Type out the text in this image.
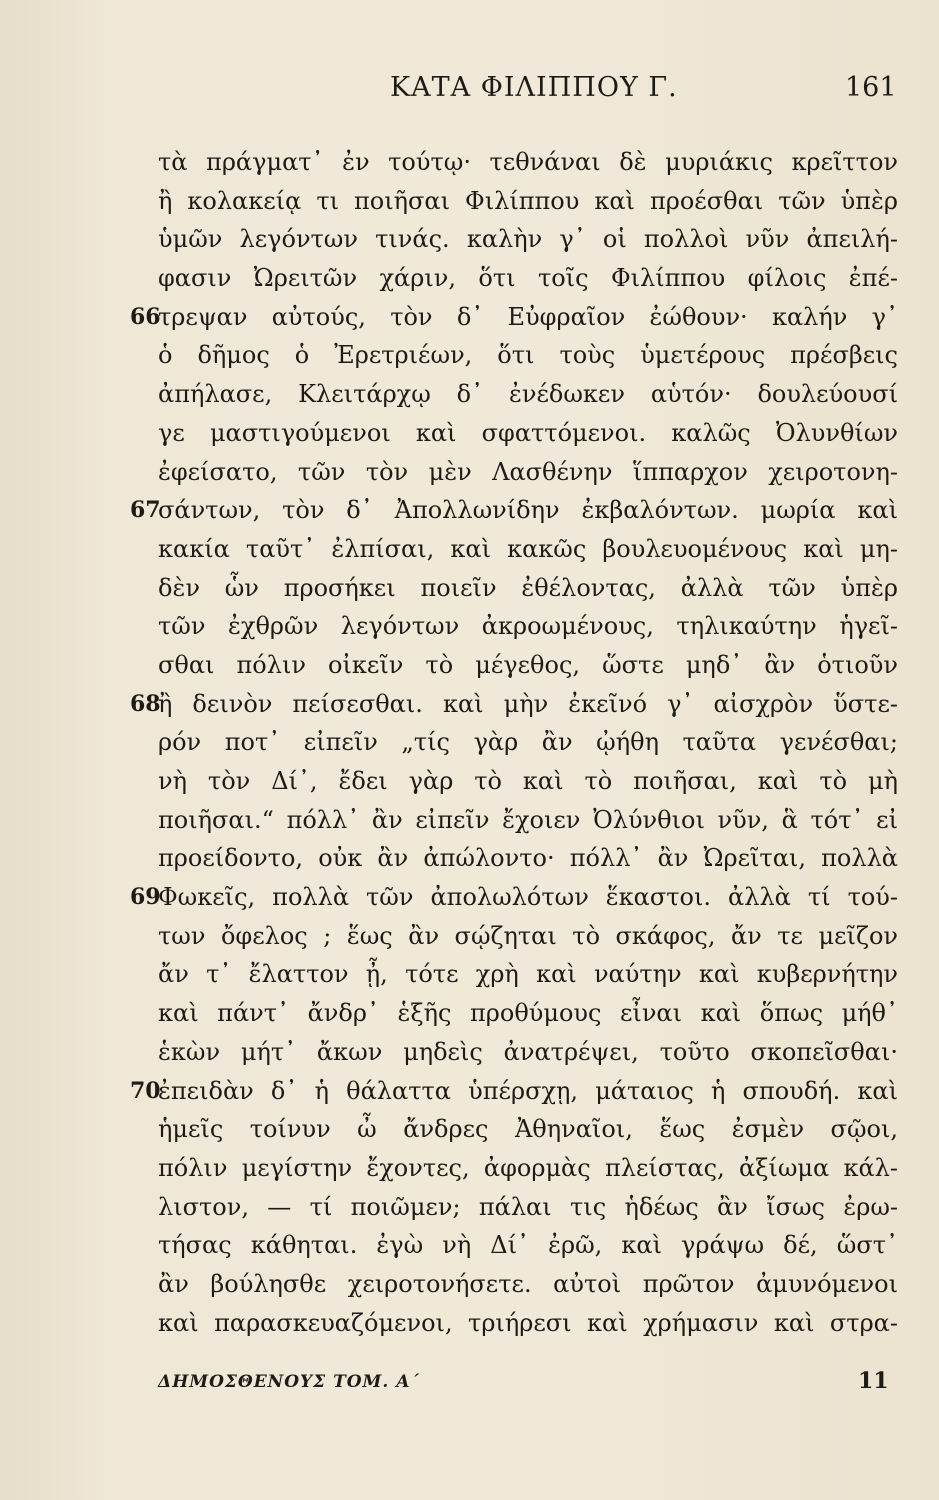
ΚΑΤΑ ΦΙΛΙΠΠΟΥ Γ.	161
τὰ πράγματ᾽ ἐν τούτῳ· τεθνάναι δὲ μυριάκις κρεῖττον
ἢ κολακείᾳ τι ποιῆσαι Φιλίππου καὶ προέσθαι τῶν ὑπὲρ
ὑμῶν λεγόντων τινάς. καλὴν γ᾽ οἱ πολλοὶ νῦν ἀπειλή-
φασιν Ὠρειτῶν χάριν, ὅτι τοῖς Φιλίππου φίλοις ἐπέ-
66
τρεψαν αὐτούς, τὸν δ᾽ Εὐφραῖον ἐώθουν· καλήν γ᾽
ὁ δῆμος ὁ Ἐρετριέων, ὅτι τοὺς ὑμετέρους πρέσβεις
ἀπήλασε, Κλειτάρχῳ δ᾽ ἐνέδωκεν αὑτόν· δουλεύουσί
γε μαστιγούμενοι καὶ σφαττόμενοι. καλῶς Ὀλυνθίων
ἐφείσατο, τῶν τὸν μὲν Λασθένην ἵππαρχον χειροτονη-
67
σάντων, τὸν δ᾽ Ἀπολλωνίδην ἐκβαλόντων. μωρία καὶ
κακία ταῦτ᾽ ἐλπίσαι, καὶ κακῶς βουλευομένους καὶ μη-
δὲν ὧν προσήκει ποιεῖν ἐθέλοντας, ἀλλὰ τῶν ὑπὲρ
τῶν ἐχθρῶν λεγόντων ἀκροωμένους, τηλικαύτην ἡγεῖ-
σθαι πόλιν οἰκεῖν τὸ μέγεθος, ὥστε μηδ᾽ ἂν ὁτιοῦν
68
ἢ δεινὸν πείσεσθαι. καὶ μὴν ἐκεῖνό γ᾽ αἰσχρὸν ὕστε-
ρόν ποτ᾽ εἰπεῖν „τίς γὰρ ἂν ᾠήθη ταῦτα γενέσθαι;
νὴ τὸν Δί᾽, ἔδει γὰρ τὸ καὶ τὸ ποιῆσαι, καὶ τὸ μὴ
ποιῆσαι.“ πόλλ᾽ ἂν εἰπεῖν ἔχοιεν Ὀλύνθιοι νῦν, ἃ τότ᾽ εἰ
προείδοντο, οὐκ ἂν ἀπώλοντο· πόλλ᾽ ἂν Ὠρεῖται, πολλὰ
69
Φωκεῖς, πολλὰ τῶν ἀπολωλότων ἕκαστοι. ἀλλὰ τί τού-
των ὄφελος ; ἕως ἂν σῴζηται τὸ σκάφος, ἄν τε μεῖζον
ἄν τ᾽ ἔλαττον ᾖ, τότε χρὴ καὶ ναύτην καὶ κυβερνήτην
καὶ πάντ᾽ ἄνδρ᾽ ἑξῆς προθύμους εἶναι καὶ ὅπως μήθ᾽
ἑκὼν μήτ᾽ ἄκων μηδεὶς ἀνατρέψει, τοῦτο σκοπεῖσθαι·
70
ἐπειδὰν δ᾽ ἡ θάλαττα ὑπέρσχῃ, μάταιος ἡ σπουδή. καὶ
ἡμεῖς τοίνυν ὦ ἄνδρες Ἀθηναῖοι, ἕως ἐσμὲν σῷοι,
πόλιν μεγίστην ἔχοντες, ἀφορμὰς πλείστας, ἀξίωμα κάλ-
λιστον, — τί ποιῶμεν; πάλαι τις ἡδέως ἂν ἴσως ἐρω-
τήσας κάθηται. ἐγὼ νὴ Δί᾽ ἐρῶ, καὶ γράψω δέ, ὥστ᾽
ἂν βούλησθε χειροτονήσετε. αὐτοὶ πρῶτον ἀμυνόμενοι
καὶ παρασκευαζόμενοι, τριήρεσι καὶ χρήμασιν καὶ στρα-
ΔΗΜΟΣΘΕΝΟΥΣ ΤΟΜ. Α΄	11
